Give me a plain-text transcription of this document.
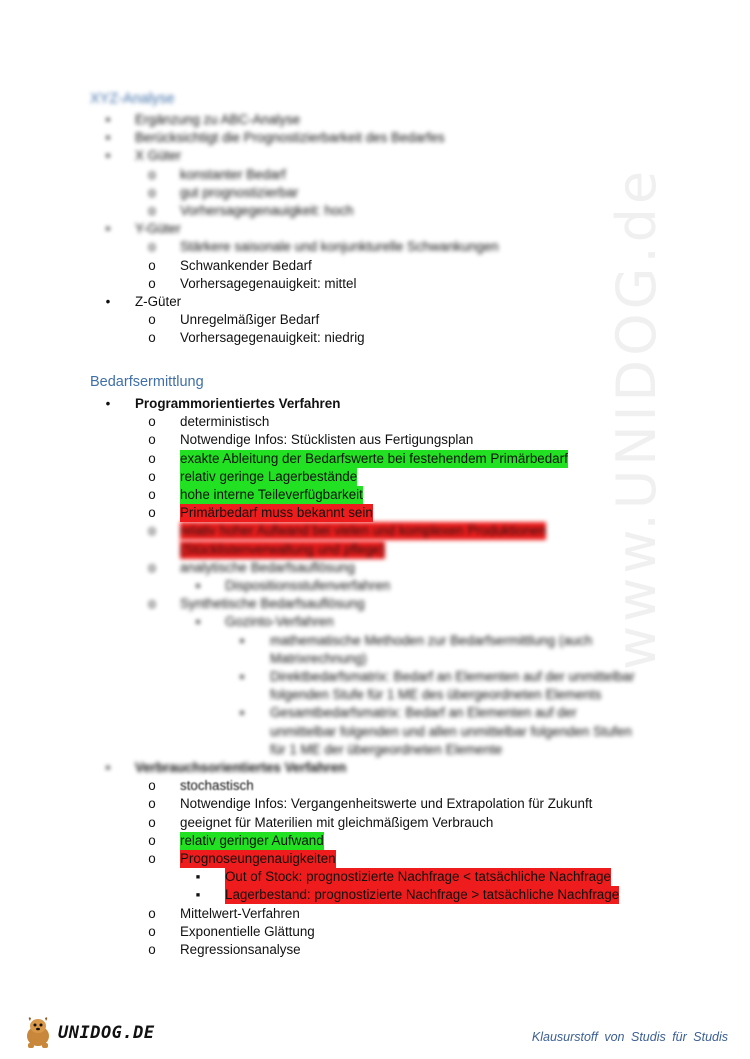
www.UNIDOG.de
XYZ-Analyse
•	Ergänzung zu ABC-Analyse
•	Berücksichtigt die Prognostizierbarkeit des Bedarfes
•	X Güter
o	konstanter Bedarf
o	gut prognostizierbar
o	Vorhersagegenauigkeit: hoch
•	Y-Güter
o	Stärkere saisonale und konjunkturelle Schwankungen
o	Schwankender Bedarf
o	Vorhersagegenauigkeit: mittel
•	Z-Güter
o	Unregelmäßiger Bedarf
o	Vorhersagegenauigkeit: niedrig
Bedarfsermittlung
•	Programmorientiertes Verfahren
o	deterministisch
o	Notwendige Infos: Stücklisten aus Fertigungsplan
o	exakte Ableitung der Bedarfswerte bei festehendem Primärbedarf
o	relativ geringe Lagerbestände
o	hohe interne Teileverfügbarkeit
o	Primärbedarf muss bekannt sein
o	relativ hoher Aufwand bei vielen und komplexen Produktionen
(Stücklistenverwaltung und pflege)
o	analytische Bedarfsauflösung
▪	Dispositionsstufenverfahren
o	Synthetische Bedarfsauflösung
▪	Gozinto-Verfahren
▪	mathematische Methoden zur Bedarfsermittlung (auch
Matrixrechnung)
▪	Direktbedarfsmatrix: Bedarf an Elementen auf der unmittelbar
folgenden Stufe für 1 ME des übergeordneten Elements
▪	Gesamtbedarfsmatrix: Bedarf an Elementen auf der
unmittelbar folgenden und allen unmittelbar folgenden Stufen
für 1 ME der übergeordneten Elemente
•	Verbrauchsorientiertes Verfahren
o	stochastisch
o	Notwendige Infos: Vergangenheitswerte und Extrapolation für Zukunft
o	geeignet für Materilien mit gleichmäßigem Verbrauch
o	relativ geringer Aufwand
o	Prognoseungenauigkeiten
▪	Out of Stock: prognostizierte Nachfrage < tatsächliche Nachfrage
▪	Lagerbestand: prognostizierte Nachfrage > tatsächliche Nachfrage
o	Mittelwert-Verfahren
o	Exponentielle Glättung
o	Regressionsanalyse
UNIDOG.DE	Klausurstoff von Studis für Studis
